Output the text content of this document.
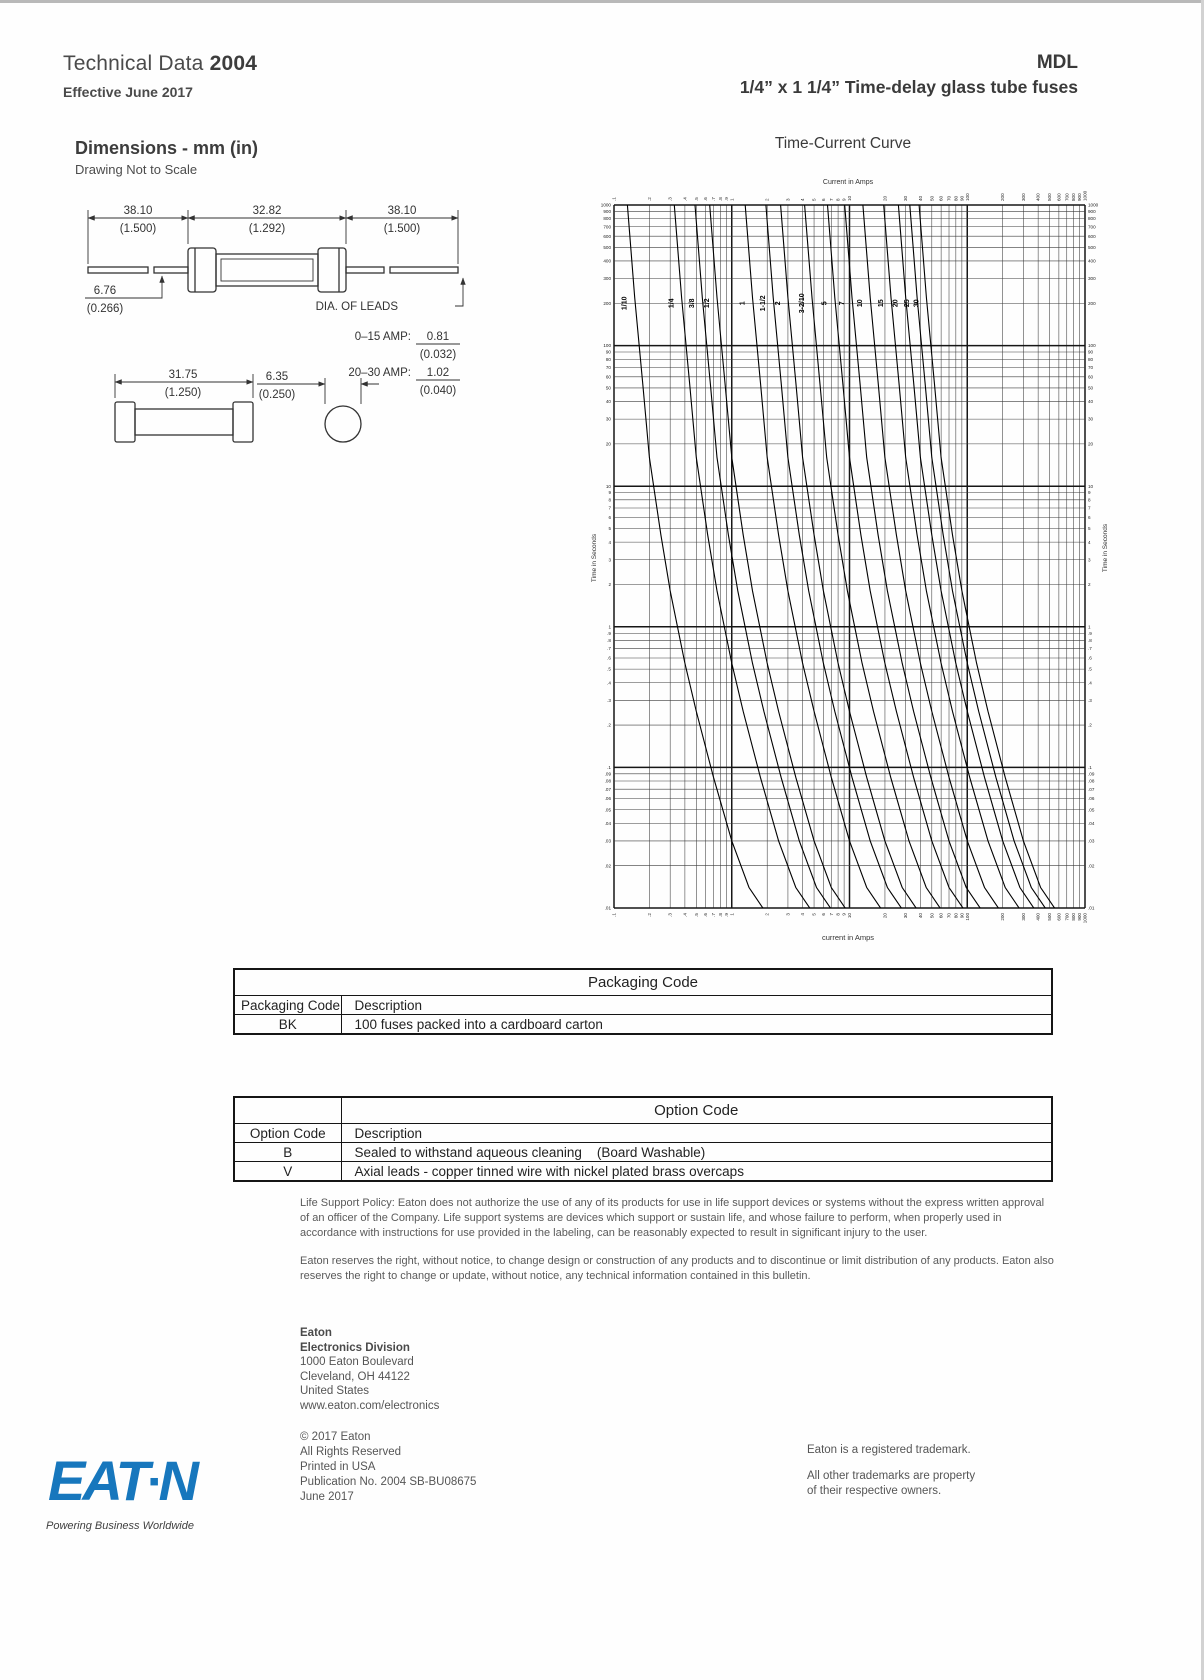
Technical Data 2004
Effective June 2017
MDL
1/4” x 1 1/4” Time-delay glass tube fuses
Dimensions - mm (in)
Drawing Not to Scale
38.10
(1.500)
32.82
(1.292)
38.10
(1.500)
6.76
(0.266)	DIA. OF LEADS
0–15 AMP: 0.81
(0.032)
20–30 AMP: 1.02
(0.040)
31.75
(1.250)
6.35
(0.250)
Time-Current Curve
Current in Amps
current in Amps
Time in Seconds	Time in Seconds
.1
.1
.2
.2
.3
.3
.4
.4
.5
.5
.6
.6
.7
.7
.8
.8
.9
.9
1
1
2
2
3
3
4
4
5
5
6
6
7
7
8
8
9
9
10
10
20
20
30
30
40
40
50
50
60
60
70
70
80
80
90
90
100
100
200
200
300
300
400
400
500
500
600
600
700
700
800
800
900
900
1000
1000
.01	.01
.02	.02
.03	.03
.04	.04
.05	.05
.06	.06
.07	.07
.08	.08
.09	.09
.1	.1
.2	.2
.3	.3
.4	.4
.5	.5
.6	.6
.7	.7
.8	.8
.9	.9
1	1
2	2
3	3
4	4
5	5
6	6
7	7
8	8
9	9
10	10
20	20
30	30
40	40
50	50
60	60
70	70
80	80
90	90
100	100
200	200
300	300
400	400
500	500
600	600
700	700
800	800
900	900
1000	1000
1/10	1/4 3/8 1/2	1 1-1/2 2 3-2/10 5 7 10 15 20 25 30
Packaging Code	
Packaging Code	Description
BK	100 fuses packed into a cardboard carton
	Option Code
Option Code	Description
B	Sealed to withstand aqueous cleaning    (Board Washable)
V	Axial leads - copper tinned wire with nickel plated brass overcaps

Life Support Policy: Eaton does not authorize the use of any of its products for use in life support devices or systems without the express written approval of an officer of the Company. Life support systems are devices which support or sustain life, and whose failure to perform, when properly used in accordance with instructions for use provided in the labeling, can be reasonably expected to result in significant injury to the user.

Eaton reserves the right, without notice, to change design or construction of any products and to discontinue or limit distribution of any products. Eaton also reserves the right to change or update, without notice, any technical information contained in this bulletin.

Eaton
Electronics Division
1000 Eaton Boulevard
Cleveland, OH 44122
United States
www.eaton.com/electronics
© 2017 Eaton
All Rights Reserved
Printed in USA
Publication No. 2004 SB-BU08675
June 2017
Eaton is a registered trademark.
All other trademarks are property
of their respective owners.
EAT▪N
Powering Business Worldwide
